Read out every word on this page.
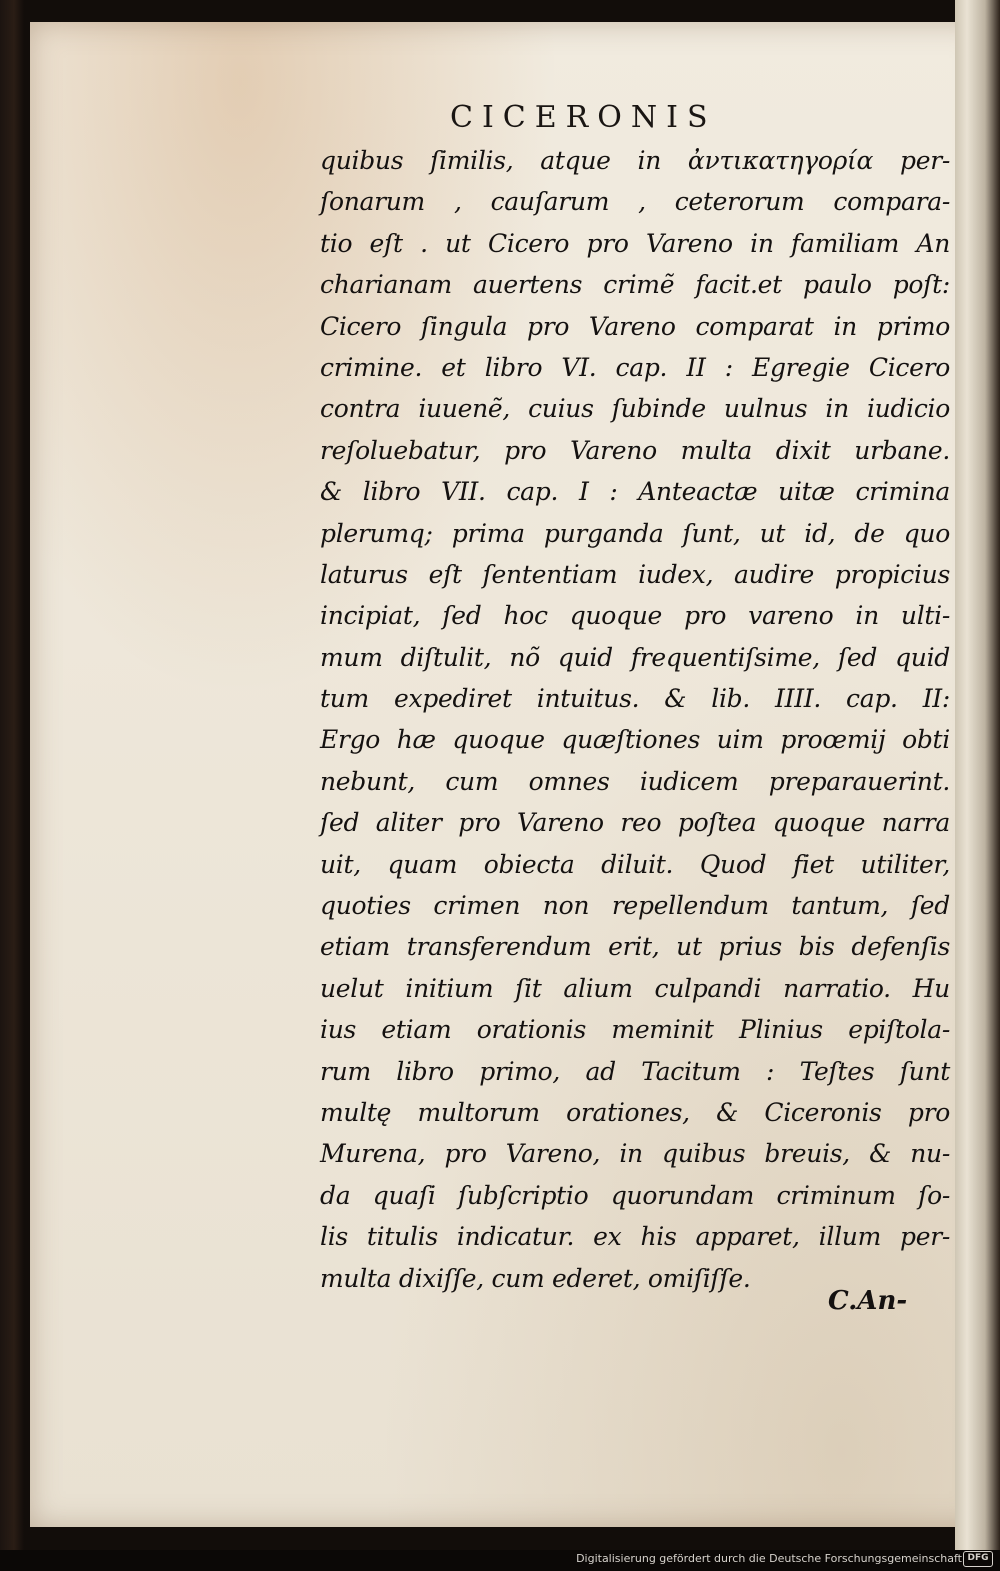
CICERONIS
quibus ſimilis, atque in ἀντικατηγορία per-
ſonarum , cauſarum , ceterorum compara-
tio eſt . ut Cicero pro Vareno in familiam An
charianam auertens crimẽ facit.et paulo poſt:
Cicero ſingula pro Vareno comparat in primo
crimine. et libro VI. cap. II : Egregie Cicero
contra iuuenẽ, cuius ſubinde uulnus in iudicio
reſoluebatur, pro Vareno multa dixit urbane.
& libro VII. cap. I : Anteactæ uitæ crimina
plerumq; prima purganda ſunt, ut id, de quo
laturus eſt ſententiam iudex, audire propicius
incipiat, ſed hoc quoque pro vareno in ulti-
mum diſtulit, nõ quid frequentiſsime, ſed quid
tum expediret intuitus. & lib. IIII. cap. II:
Ergo hæ quoque quæſtiones uim proœmij obti
nebunt, cum omnes iudicem preparauerint.
ſed aliter pro Vareno reo poſtea quoque narra
uit, quam obiecta diluit. Quod fiet utiliter,
quoties crimen non repellendum tantum, ſed
etiam transferendum erit, ut prius bis defenſis
uelut initium ſit alium culpandi narratio. Hu
ius etiam orationis meminit Plinius epiſtola-
rum libro primo, ad Tacitum : Teſtes ſunt
multę multorum orationes, & Ciceronis pro
Murena, pro Vareno, in quibus breuis, & nu-
da quaſi ſubſcriptio quorundam criminum ſo-
lis titulis indicatur. ex his apparet, illum per-
multa dixiſſe, cum ederet, omiſiſſe.
C.An-
Digitalisierung gefördert durch die Deutsche Forschungsgemeinschaft DFG
